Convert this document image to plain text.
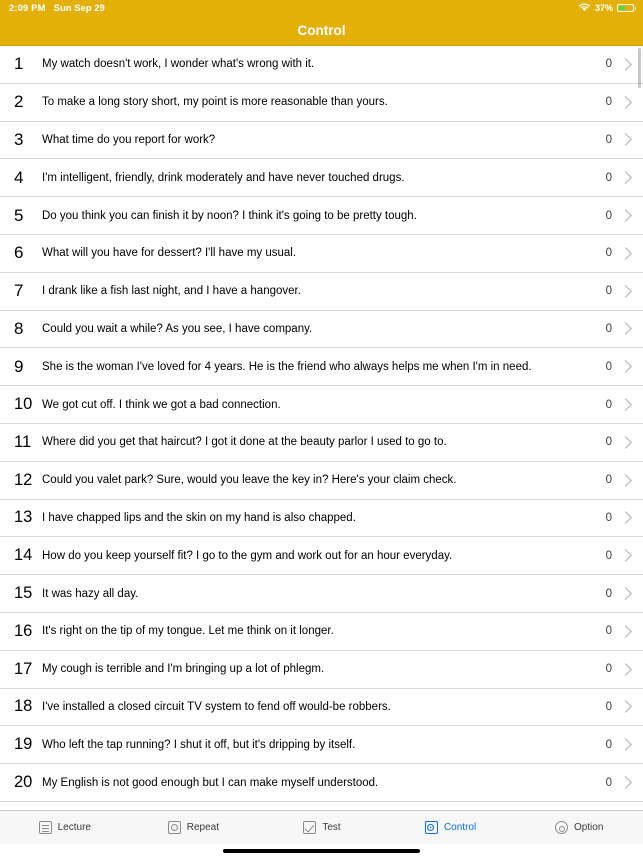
2:09 PM Sun Sep 29	37%
Control
1	My watch doesn't work, I wonder what's wrong with it.	0
2	To make a long story short, my point is more reasonable than yours.	0
3	What time do you report for work?	0
4	I'm intelligent, friendly, drink moderately and have never touched drugs.	0
5	Do you think you can finish it by noon? I think it's going to be pretty tough.	0
6	What will you have for dessert? I'll have my usual.	0
7	I drank like a fish last night, and I have a hangover.	0
8	Could you wait a while? As you see, I have company.	0
9	She is the woman I've loved for 4 years. He is the friend who always helps me when I'm in need.	0
10 We got cut off. I think we got a bad connection.	0
11 Where did you get that haircut? I got it done at the beauty parlor I used to go to.	0
12 Could you valet park? Sure, would you leave the key in? Here's your claim check.	0
13 I have chapped lips and the skin on my hand is also chapped.	0
14 How do you keep yourself fit? I go to the gym and work out for an hour everyday.	0
15 It was hazy all day.	0
16 It's right on the tip of my tongue. Let me think on it longer.	0
17 My cough is terrible and I'm bringing up a lot of phlegm.	0
18 I've installed a closed circuit TV system to fend off would-be robbers.	0
19 Who left the tap running? I shut it off, but it's dripping by itself.	0
20 My English is not good enough but I can make myself understood.	0
Lecture	Repeat	Test	Control	Option
